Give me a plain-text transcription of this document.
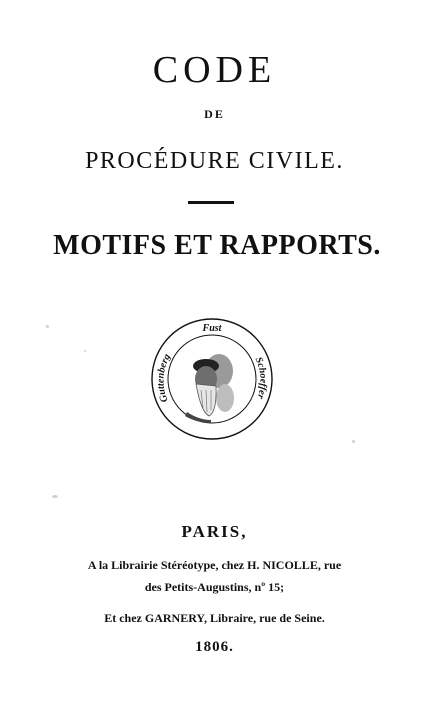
CODE
DE
PROCÉDURE CIVILE.
MOTIFS ET RAPPORTS.
Fust
Guttenberg	Schoeffer
PARIS,
A la Librairie Stéréotype, chez H. NICOLLE, rue
des Petits-Augustins, nº 15;
Et chez GARNERY, Libraire, rue de Seine.
1806.
